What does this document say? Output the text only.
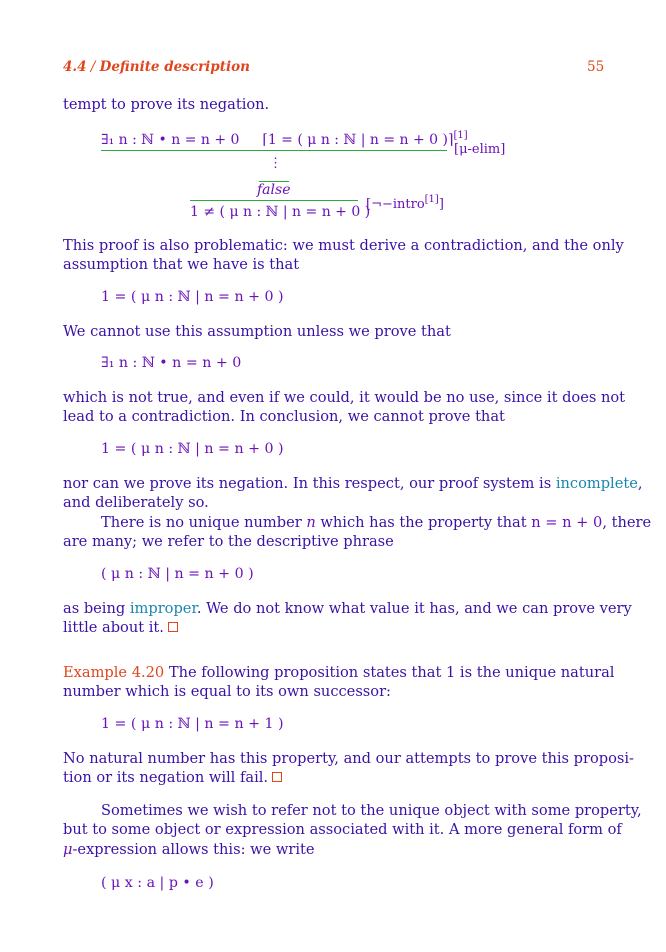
4.4 / Definite description	55
tempt to prove its negation.
∃₁ n : ℕ • n = n + 0 ⌈1 = ( μ n : ℕ | n = n + 0 )⌉[1]
[μ-elim]
⋮
false
[¬−intro[1]]
1 ≠ ( μ n : ℕ | n = n + 0 )
This proof is also problematic: we must derive a contradiction, and the only
assumption that we have is that
1 = ( μ n : ℕ | n = n + 0 )
We cannot use this assumption unless we prove that
∃₁ n : ℕ • n = n + 0
which is not true, and even if we could, it would be no use, since it does not
lead to a contradiction. In conclusion, we cannot prove that
1 = ( μ n : ℕ | n = n + 0 )
nor can we prove its negation. In this respect, our proof system is incomplete,
and deliberately so.
There is no unique number n which has the property that n = n + 0, there
are many; we refer to the descriptive phrase
( μ n : ℕ | n = n + 0 )
as being improper. We do not know what value it has, and we can prove very
little about it.
Example 4.20 The following proposition states that 1 is the unique natural
number which is equal to its own successor:
1 = ( μ n : ℕ | n = n + 1 )
No natural number has this property, and our attempts to prove this proposi-
tion or its negation will fail.
Sometimes we wish to refer not to the unique object with some property,
but to some object or expression associated with it. A more general form of
μ-expression allows this: we write
( μ x : a | p • e )
